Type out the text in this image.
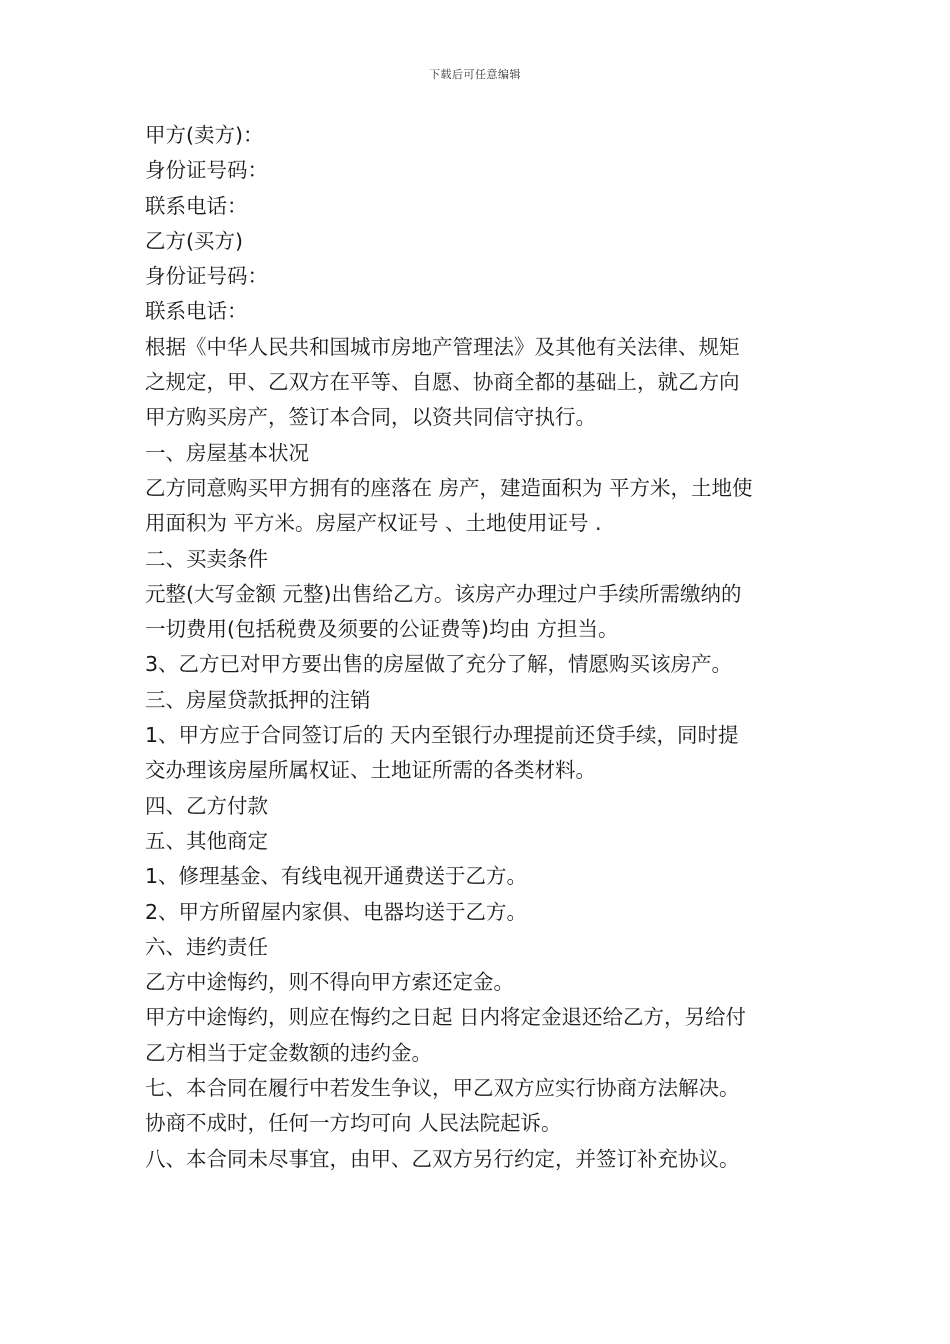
下载后可任意编辑
甲方(卖方)：
身份证号码：
联系电话：
乙方(买方)
身份证号码：
联系电话：
根据《中华人民共和国城市房地产管理法》及其他有关法律、规矩
之规定，甲、乙双方在平等、自愿、协商全都的基础上，就乙方向
甲方购买房产，签订本合同，以资共同信守执行。
一、房屋基本状况
乙方同意购买甲方拥有的座落在 房产，建造面积为 平方米，土地使
用面积为 平方米。房屋产权证号 、土地使用证号 .
二、买卖条件
元整(大写金额 元整)出售给乙方。该房产办理过户手续所需缴纳的
一切费用(包括税费及须要的公证费等)均由 方担当。
3、乙方已对甲方要出售的房屋做了充分了解，情愿购买该房产。
三、房屋贷款抵押的注销
1、甲方应于合同签订后的 天内至银行办理提前还贷手续，同时提
交办理该房屋所属权证、土地证所需的各类材料。
四、乙方付款
五、其他商定
1、修理基金、有线电视开通费送于乙方。
2、甲方所留屋内家俱、电器均送于乙方。
六、违约责任
乙方中途悔约，则不得向甲方索还定金。
甲方中途悔约，则应在悔约之日起 日内将定金退还给乙方，另给付
乙方相当于定金数额的违约金。
七、本合同在履行中若发生争议，甲乙双方应实行协商方法解决。
协商不成时，任何一方均可向 人民法院起诉。
八、本合同未尽事宜，由甲、乙双方另行约定，并签订补充协议。
